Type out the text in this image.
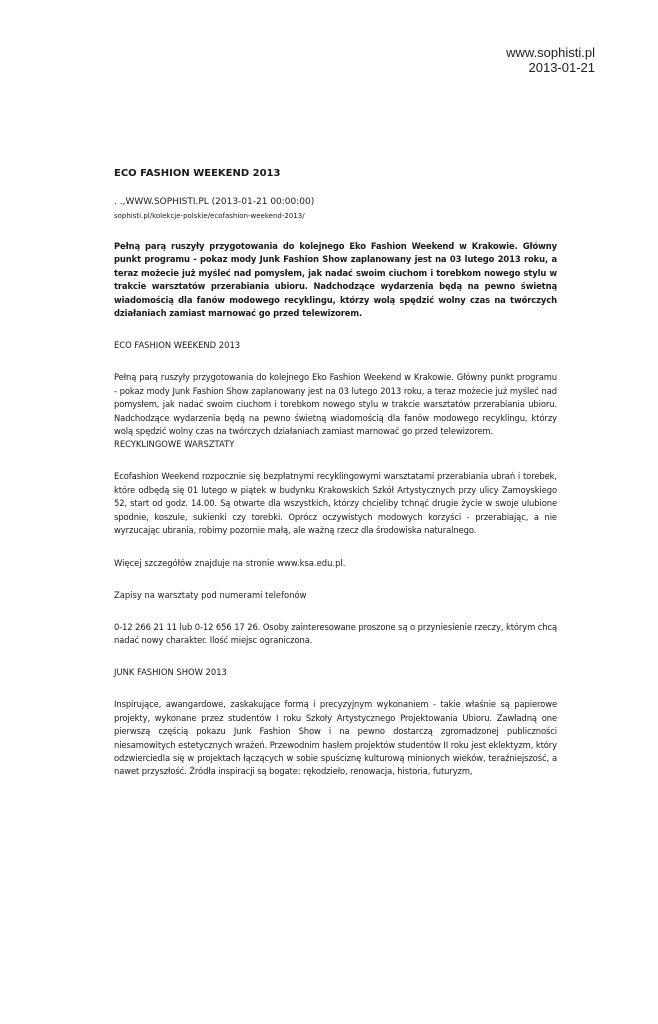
www.sophisti.pl
2013-01-21

ECO FASHION WEEKEND 2013

. .,WWW.SOPHISTI.PL (2013-01-21 00:00:00)

sophisti.pl/kolekcje-polskie/ecofashion-weekend-2013/

Pełną parą ruszyły przygotowania do kolejnego Eko Fashion Weekend w Krakowie. Główny punkt programu - pokaz mody Junk Fashion Show zaplanowany jest na 03 lutego 2013 roku, a teraz możecie już myśleć nad pomysłem, jak nadać swoim ciuchom i torebkom nowego stylu w trakcie warsztatów przerabiania ubioru. Nadchodzące wydarzenia będą na pewno świetną wiadomością dla fanów modowego recyklingu, którzy wolą spędzić wolny czas na twórczych działaniach zamiast marnować go przed telewizorem.

ECO FASHION WEEKEND 2013

Pełną parą ruszyły przygotowania do kolejnego Eko Fashion Weekend w Krakowie. Główny punkt programu - pokaz mody Junk Fashion Show zaplanowany jest na 03 lutego 2013 roku, a teraz możecie już myśleć nad pomysłem, jak nadać swoim ciuchom i torebkom nowego stylu w trakcie warsztatów przerabiania ubioru. Nadchodzące wydarzenia będą na pewno świetną wiadomością dla fanów modowego recyklingu, którzy wolą spędzić wolny czas na twórczych działaniach zamiast marnować go przed telewizorem.

RECYKLINGOWE WARSZTATY

Ecofashion Weekend rozpocznie się bezpłatnymi recyklingowymi warsztatami przerabiania ubrań i torebek, które odbędą się 01 lutego w piątek w budynku Krakowskich Szkół Artystycznych przy ulicy Zamoyskiego 52, start od godz. 14.00. Są otwarte dla wszystkich, którzy chcieliby tchnąć drugie życie w swoje ulubione spodnie, koszule, sukienki czy torebki. Oprócz oczywistych modowych korzyści - przerabiając, a nie wyrzucając ubrania, robimy pozornie małą, ale ważną rzecz dla środowiska naturalnego.

Więcej szczegółów znajduje na stronie www.ksa.edu.pl.

Zapisy na warsztaty pod numerami telefonów

0-12 266 21 11 lub 0-12 656 17 26. Osoby zainteresowane proszone są o przyniesienie rzeczy, którym chcą nadać nowy charakter. Ilość miejsc ograniczona.

JUNK FASHION SHOW 2013

Inspirujące, awangardowe, zaskakujące formą i precyzyjnym wykonaniem - takie właśnie są papierowe projekty, wykonane przez studentów I roku Szkoły Artystycznego Projektowania Ubioru. Zawładną one pierwszą częścią pokazu Junk Fashion Show i na pewno dostarczą zgromadzonej publiczności niesamowitych estetycznych wrażeń. Przewodnim hasłem projektów studentów II roku jest eklektyzm, który odzwierciedla się w projektach łączących w sobie spuściznę kulturową minionych wieków, teraźniejszość, a nawet przyszłość. Źródła inspiracji są bogate: rękodzieło, renowacja, historia, futuryzm,
